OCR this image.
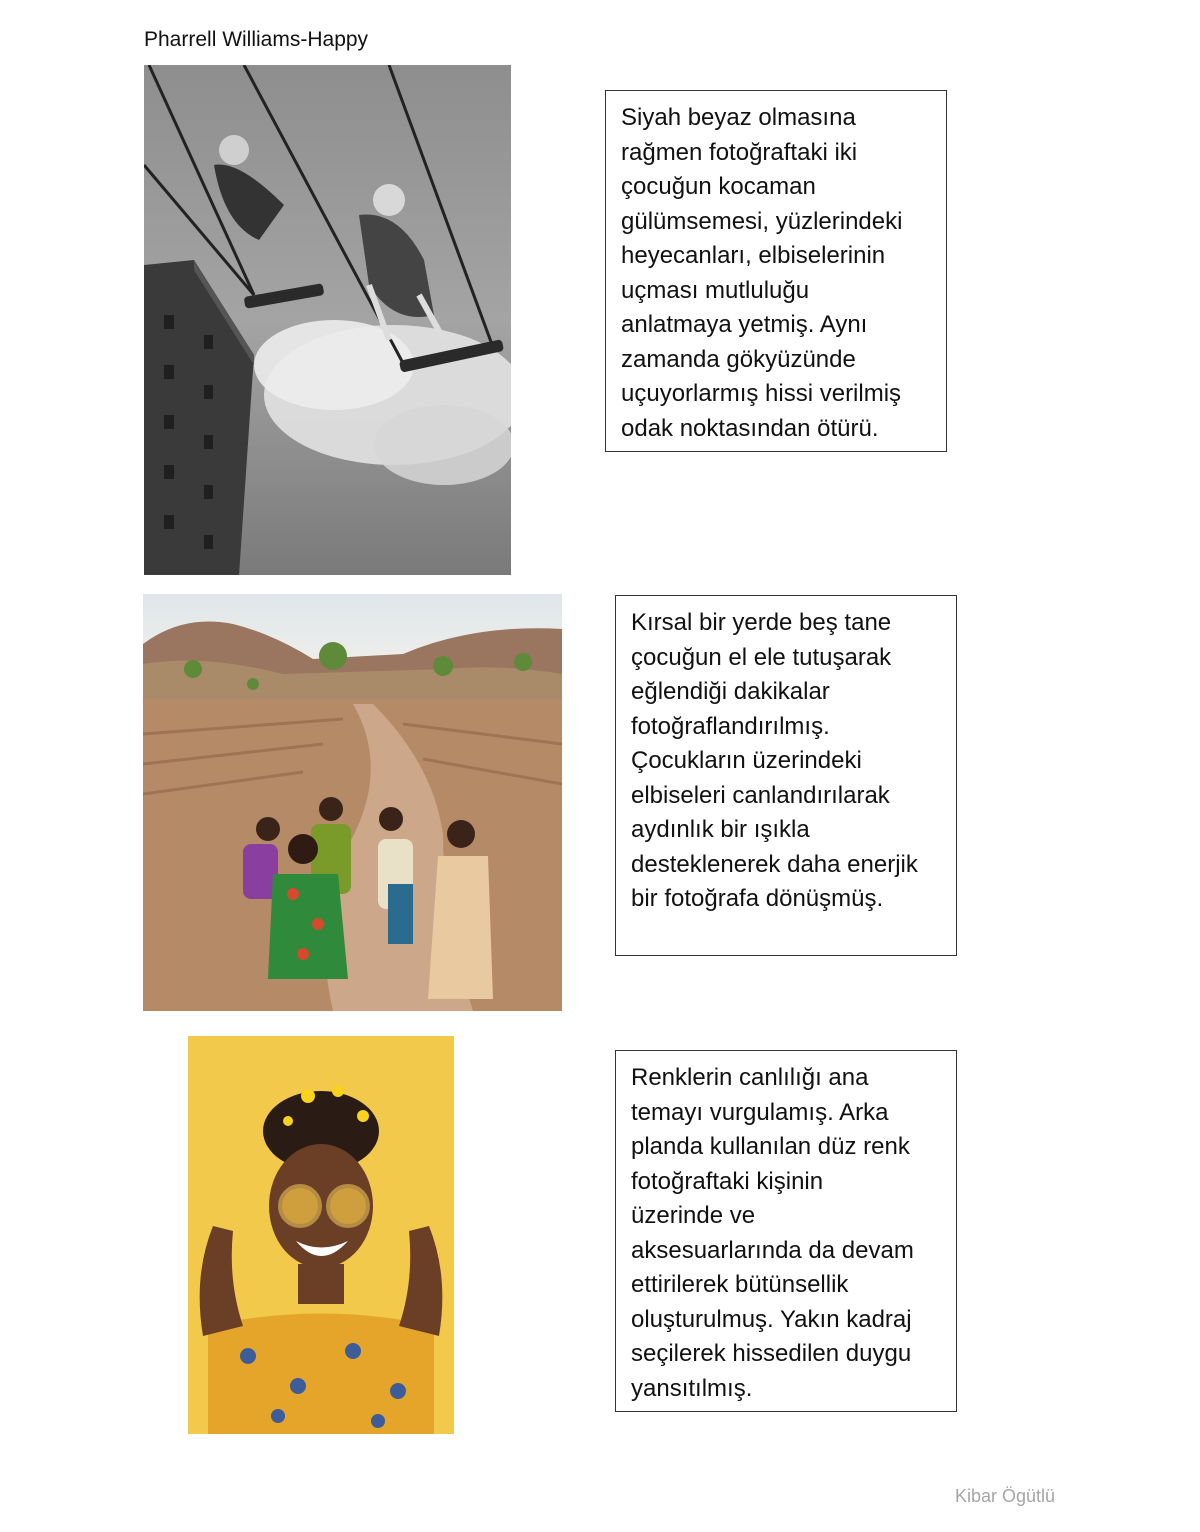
Pharrell Williams-Happy
Siyah beyaz olmasına
rağmen fotoğraftaki iki
çocuğun kocaman
gülümsemesi, yüzlerindeki
heyecanları, elbiselerinin
uçması mutluluğu
anlatmaya yetmiş. Aynı
zamanda gökyüzünde
uçuyorlarmış hissi verilmiş
odak noktasından ötürü.
Kırsal bir yerde beş tane
çocuğun el ele tutuşarak
eğlendiği dakikalar
fotoğraflandırılmış.
Çocukların üzerindeki
elbiseleri canlandırılarak
aydınlık bir ışıkla
desteklenerek daha enerjik
bir fotoğrafa dönüşmüş.
Renklerin canlılığı ana
temayı vurgulamış. Arka
planda kullanılan düz renk
fotoğraftaki kişinin
üzerinde ve
aksesuarlarında da devam
ettirilerek bütünsellik
oluşturulmuş. Yakın kadraj
seçilerek hissedilen duygu
yansıtılmış.
Kibar Ögütlü
